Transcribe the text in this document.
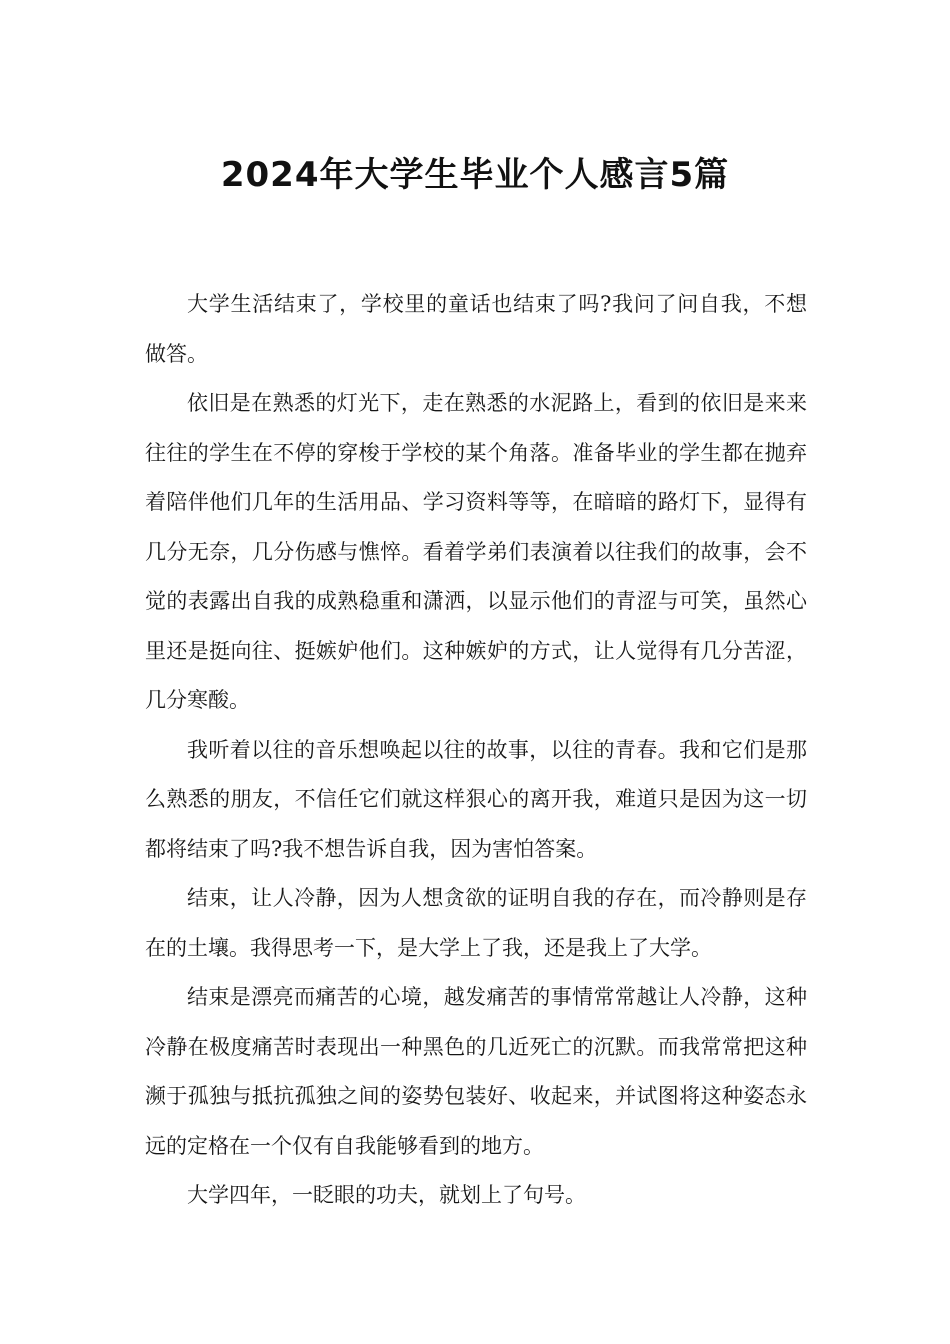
2024年大学生毕业个人感言5篇

大学生活结束了，学校里的童话也结束了吗?我问了问自我，不想做答。

依旧是在熟悉的灯光下，走在熟悉的水泥路上，看到的依旧是来来往往的学生在不停的穿梭于学校的某个角落。准备毕业的学生都在抛弃着陪伴他们几年的生活用品、学习资料等等，在暗暗的路灯下，显得有几分无奈，几分伤感与憔悴。看着学弟们表演着以往我们的故事，会不觉的表露出自我的成熟稳重和潇洒，以显示他们的青涩与可笑，虽然心里还是挺向往、挺嫉妒他们。这种嫉妒的方式，让人觉得有几分苦涩，几分寒酸。

我听着以往的音乐想唤起以往的故事，以往的青春。我和它们是那么熟悉的朋友，不信任它们就这样狠心的离开我，难道只是因为这一切都将结束了吗?我不想告诉自我，因为害怕答案。

结束，让人冷静，因为人想贪欲的证明自我的存在，而冷静则是存在的土壤。我得思考一下，是大学上了我，还是我上了大学。

结束是漂亮而痛苦的心境，越发痛苦的事情常常越让人冷静，这种冷静在极度痛苦时表现出一种黑色的几近死亡的沉默。而我常常把这种濒于孤独与抵抗孤独之间的姿势包装好、收起来，并试图将这种姿态永远的定格在一个仅有自我能够看到的地方。

大学四年，一眨眼的功夫，就划上了句号。
